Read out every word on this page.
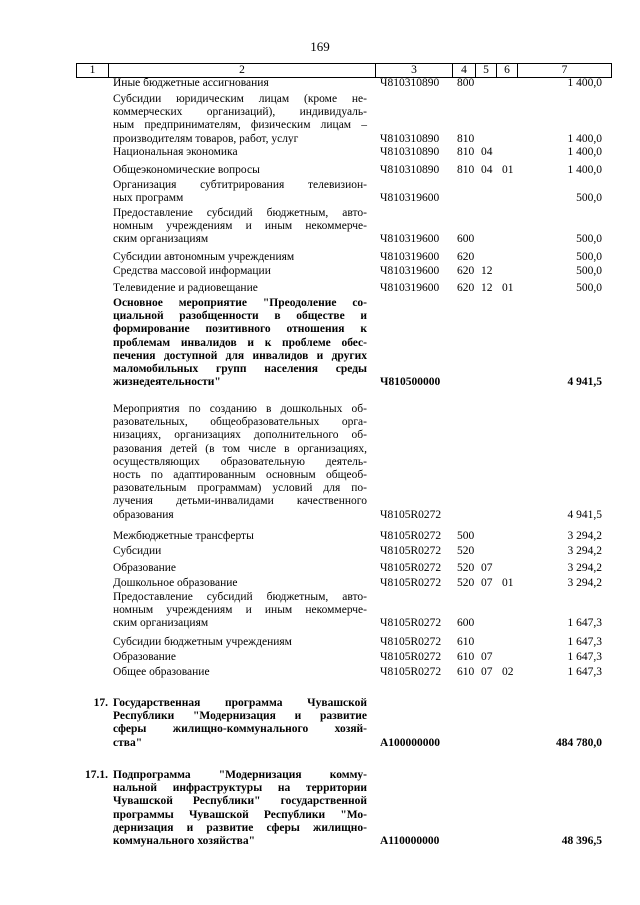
169
1	2	3	4	5	6	7
Иные бюджетные ассигнования	Ч810310890 800	1 400,0
Субсидии юридическим лицам (кроме не-
коммерческих организаций), индивидуаль-
ным предпринимателям, физическим лицам –
производителям товаров, работ, услуг	Ч810310890 810	1 400,0
Национальная экономика	Ч810310890 810 04	1 400,0
Общеэкономические вопросы	Ч810310890 810 04 01	1 400,0
Организация субтитрирования телевизион-
ных программ	Ч810319600	500,0
Предоставление субсидий бюджетным, авто-
номным учреждениям и иным некоммерче-
ским организациям	Ч810319600 600	500,0
Субсидии автономным учреждениям	Ч810319600 620	500,0
Средства массовой информации	Ч810319600 620 12	500,0
Телевидение и радиовещание	Ч810319600 620 12 01	500,0
Основное мероприятие "Преодоление со-
циальной разобщенности в обществе и
формирование позитивного отношения к
проблемам инвалидов и к проблеме обес-
печения доступной для инвалидов и других
маломобильных групп населения среды
жизнедеятельности"	Ч810500000	4 941,5
Мероприятия по созданию в дошкольных об-
разовательных, общеобразовательных орга-
низациях, организациях дополнительного об-
разования детей (в том числе в организациях,
осуществляющих образовательную деятель-
ность по адаптированным основным общеоб-
разовательным программам) условий для по-
лучения детьми-инвалидами качественного
образования	Ч8105R0272	4 941,5
Межбюджетные трансферты	Ч8105R0272 500	3 294,2
Субсидии	Ч8105R0272 520	3 294,2
Образование	Ч8105R0272 520 07	3 294,2
Дошкольное образование	Ч8105R0272 520 07 01	3 294,2
Предоставление субсидий бюджетным, авто-
номным учреждениям и иным некоммерче-
ским организациям	Ч8105R0272 600	1 647,3
Субсидии бюджетным учреждениям	Ч8105R0272 610	1 647,3
Образование	Ч8105R0272 610 07	1 647,3
Общее образование	Ч8105R0272 610 07 02	1 647,3
17. Государственная программа Чувашской
Республики "Модернизация и развитие
сферы жилищно-коммунального хозяй-
ства"	А100000000	484 780,0
17.1. Подпрограмма "Модернизация комму-
нальной инфраструктуры на территории
Чувашской Республики" государственной
программы Чувашской Республики "Мо-
дернизация и развитие сферы жилищно-
коммунального хозяйства"	А110000000	48 396,5
